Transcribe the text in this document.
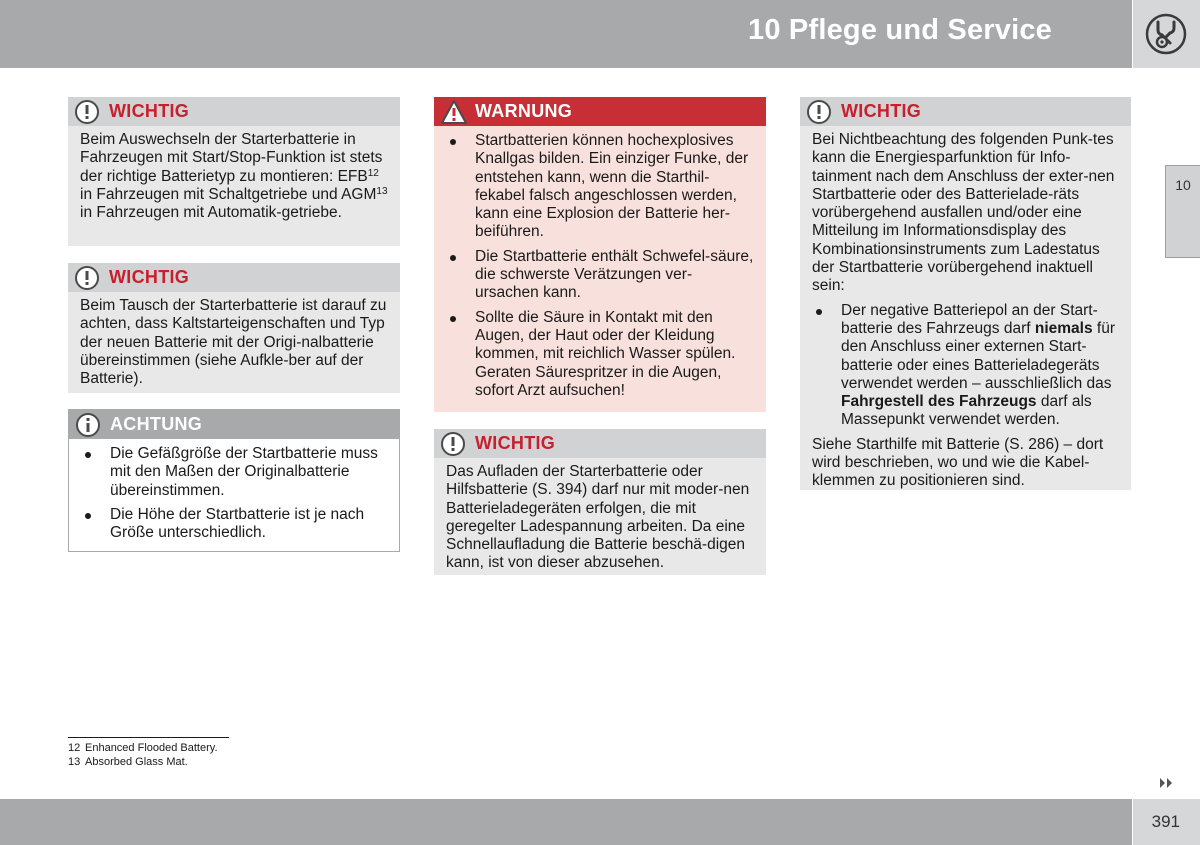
10 Pflege und Service
10
WICHTIG
Beim Auswechseln der Starterbatterie in Fahrzeugen mit Start/Stop-Funktion ist stets der richtige Batterietyp zu montieren: EFB$^{12}$ in Fahrzeugen mit Schaltgetriebe und AGM$^{13}$ in Fahrzeugen mit Automatik-getriebe.
WICHTIG
Beim Tausch der Starterbatterie ist darauf zu achten, dass Kaltstarteigenschaften und Typ der neuen Batterie mit der Origi-nalbatterie übereinstimmen (siehe Aufkle-ber auf der Batterie).
ACHTUNG
Die Gefäßgröße der Startbatterie muss mit den Maßen der Originalbatterie übereinstimmen.
Die Höhe der Startbatterie ist je nach Größe unterschiedlich.
WARNUNG
Startbatterien können hochexplosives Knallgas bilden. Ein einziger Funke, der entstehen kann, wenn die Starthil-fekabel falsch angeschlossen werden, kann eine Explosion der Batterie her-beiführen.
Die Startbatterie enthält Schwefel-säure, die schwerste Verätzungen ver-ursachen kann.
Sollte die Säure in Kontakt mit den Augen, der Haut oder der Kleidung kommen, mit reichlich Wasser spülen. Geraten Säurespritzer in die Augen, sofort Arzt aufsuchen!
WICHTIG
Das Aufladen der Starterbatterie oder Hilfsbatterie (S. 394) darf nur mit moder-nen Batterieladegeräten erfolgen, die mit geregelter Ladespannung arbeiten. Da eine Schnellaufladung die Batterie beschä-digen kann, ist von dieser abzusehen.
WICHTIG

Bei Nichtbeachtung des folgenden Punk-tes kann die Energiesparfunktion für Info-tainment nach dem Anschluss der exter-nen Startbatterie oder des Batterielade-räts vorübergehend ausfallen und/oder eine Mitteilung im Informationsdisplay des Kombinationsinstruments zum Ladestatus der Startbatterie vorübergehend inaktuell sein:

Der negative Batteriepol an der Start-batterie des Fahrzeugs darf niemals für den Anschluss einer externen Start-batterie oder eines Batterieladegeräts verwendet werden – ausschließlich das Fahrgestell des Fahrzeugs darf als Massepunkt verwendet werden.

Siehe Starthilfe mit Batterie (S. 286) – dort wird beschrieben, wo und wie die Kabel-klemmen zu positionieren sind.

12 Enhanced Flooded Battery.
13 Absorbed Glass Mat.
391
